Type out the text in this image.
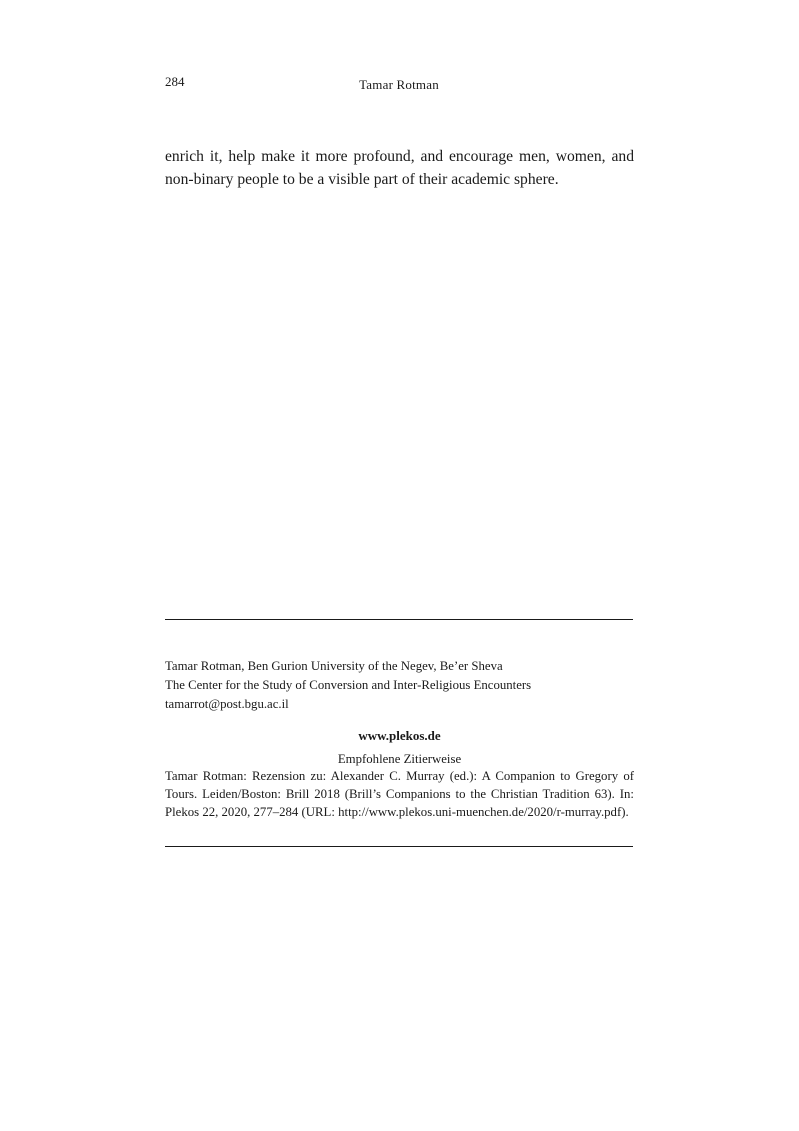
284	Tamar Rotman

enrich it, help make it more profound, and encourage men, women, and non-binary people to be a visible part of their academic sphere.

Tamar Rotman, Ben Gurion University of the Negev, Be’er Sheva
The Center for the Study of Conversion and Inter-Religious Encounters
tamarrot@post.bgu.ac.il
www.plekos.de
Empfohlene Zitierweise

Tamar Rotman: Rezension zu: Alexander C. Murray (ed.): A Companion to Gregory of Tours. Leiden/Boston: Brill 2018 (Brill’s Companions to the Christian Tradition 63). In: Plekos 22, 2020, 277–284 (URL: http://www.plekos.uni-muenchen.de/2020/r-murray.pdf).
